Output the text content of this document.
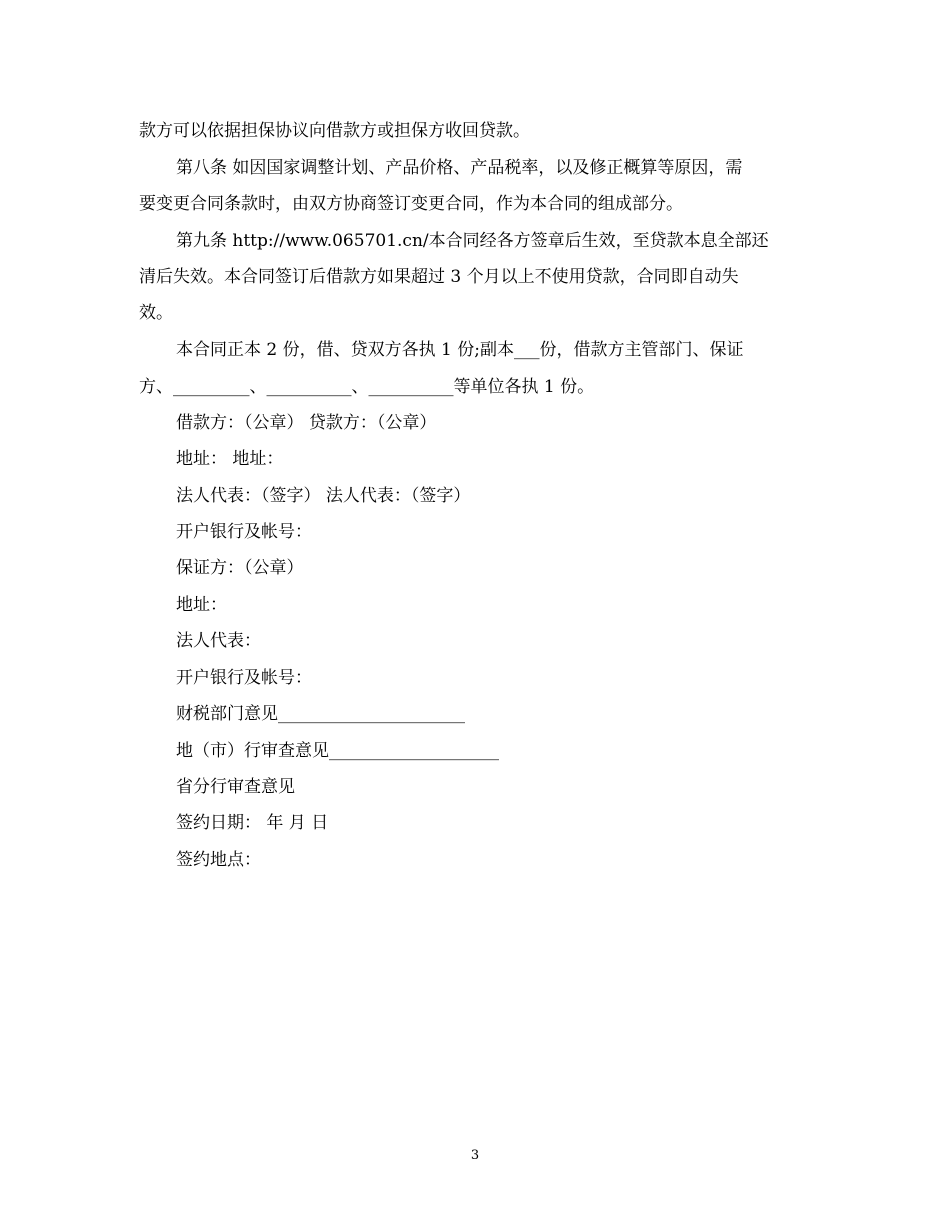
款方可以依据担保协议向借款方或担保方收回贷款。
第八条 如因国家调整计划、产品价格、产品税率，以及修正概算等原因，需
要变更合同条款时，由双方协商签订变更合同，作为本合同的组成部分。
第九条 http://www.065701.cn/本合同经各方签章后生效，至贷款本息全部还
清后失效。本合同签订后借款方如果超过 3 个月以上不使用贷款，合同即自动失
效。
本合同正本 2 份，借、贷双方各执 1 份;副本___份，借款方主管部门、保证
方、_________、__________、__________等单位各执 1 份。
借款方：（公章） 贷款方：（公章）
地址： 地址：
法人代表：（签字） 法人代表：（签字）
开户银行及帐号：
保证方：（公章）
地址：
法人代表：
开户银行及帐号：
财税部门意见______________________
地（市）行审查意见____________________
省分行审查意见
签约日期： 年 月 日
签约地点：
3
